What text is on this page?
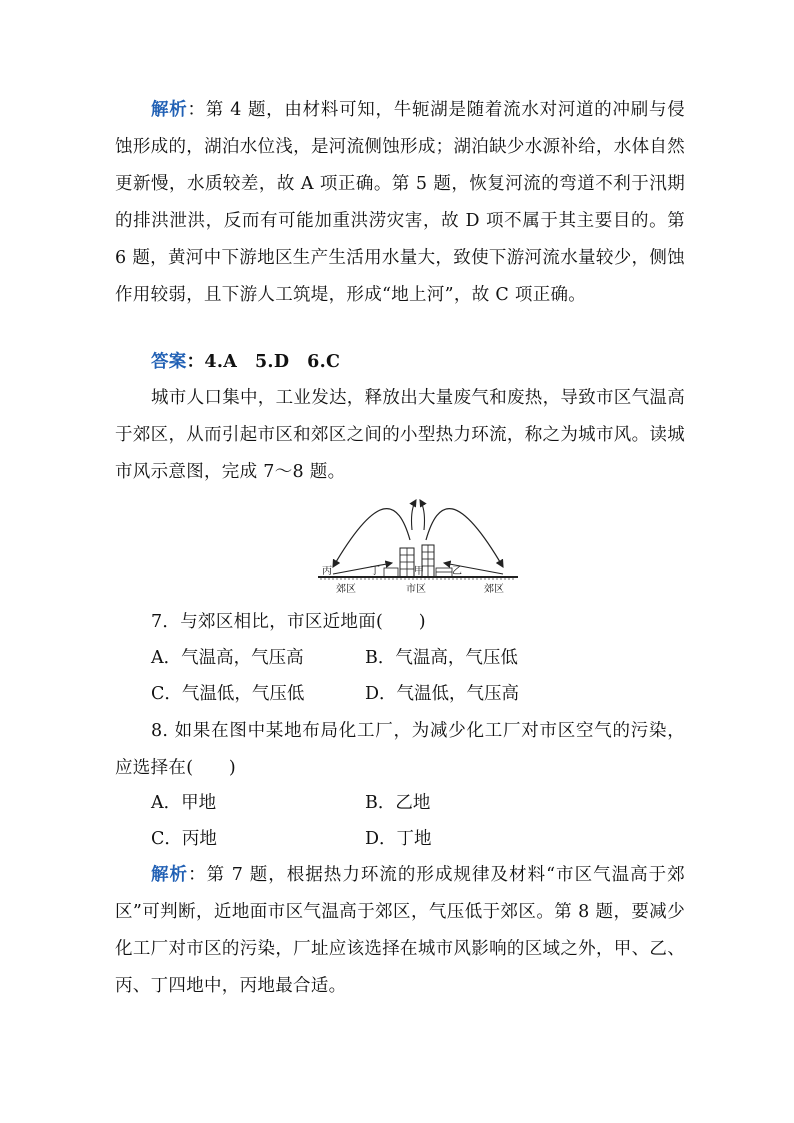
解析：第 4 题，由材料可知，牛轭湖是随着流水对河道的冲刷与侵蚀形成的，湖泊水位浅，是河流侧蚀形成；湖泊缺少水源补给，水体自然更新慢，水质较差，故 A 项正确。第 5 题，恢复河流的弯道不利于汛期的排洪泄洪，反而有可能加重洪涝灾害，故 D 项不属于其主要目的。第 6 题，黄河中下游地区生产生活用水量大，致使下游河流水量较少，侧蚀作用较弱，且下游人工筑堤，形成“地上河”，故 C 项正确。
答案：4.A　5.D　6.C
城市人口集中，工业发达，释放出大量废气和废热，导致市区气温高于郊区，从而引起市区和郊区之间的小型热力环流，称之为城市风。读城市风示意图，完成 7～8 题。
丙	丁	甲	乙
郊区	市区	郊区
7．与郊区相比，市区近地面(　　)
A．气温高，气压高	B．气温高，气压低
C．气温低，气压低	D．气温低，气压高
8. 如果在图中某地布局化工厂，为减少化工厂对市区空气的污染，应选择在(　　)
A．甲地	B．乙地
C．丙地	D．丁地
解析：第 7 题，根据热力环流的形成规律及材料“市区气温高于郊区”可判断，近地面市区气温高于郊区，气压低于郊区。第 8 题，要减少化工厂对市区的污染，厂址应该选择在城市风影响的区域之外，甲、乙、丙、丁四地中，丙地最合适。
